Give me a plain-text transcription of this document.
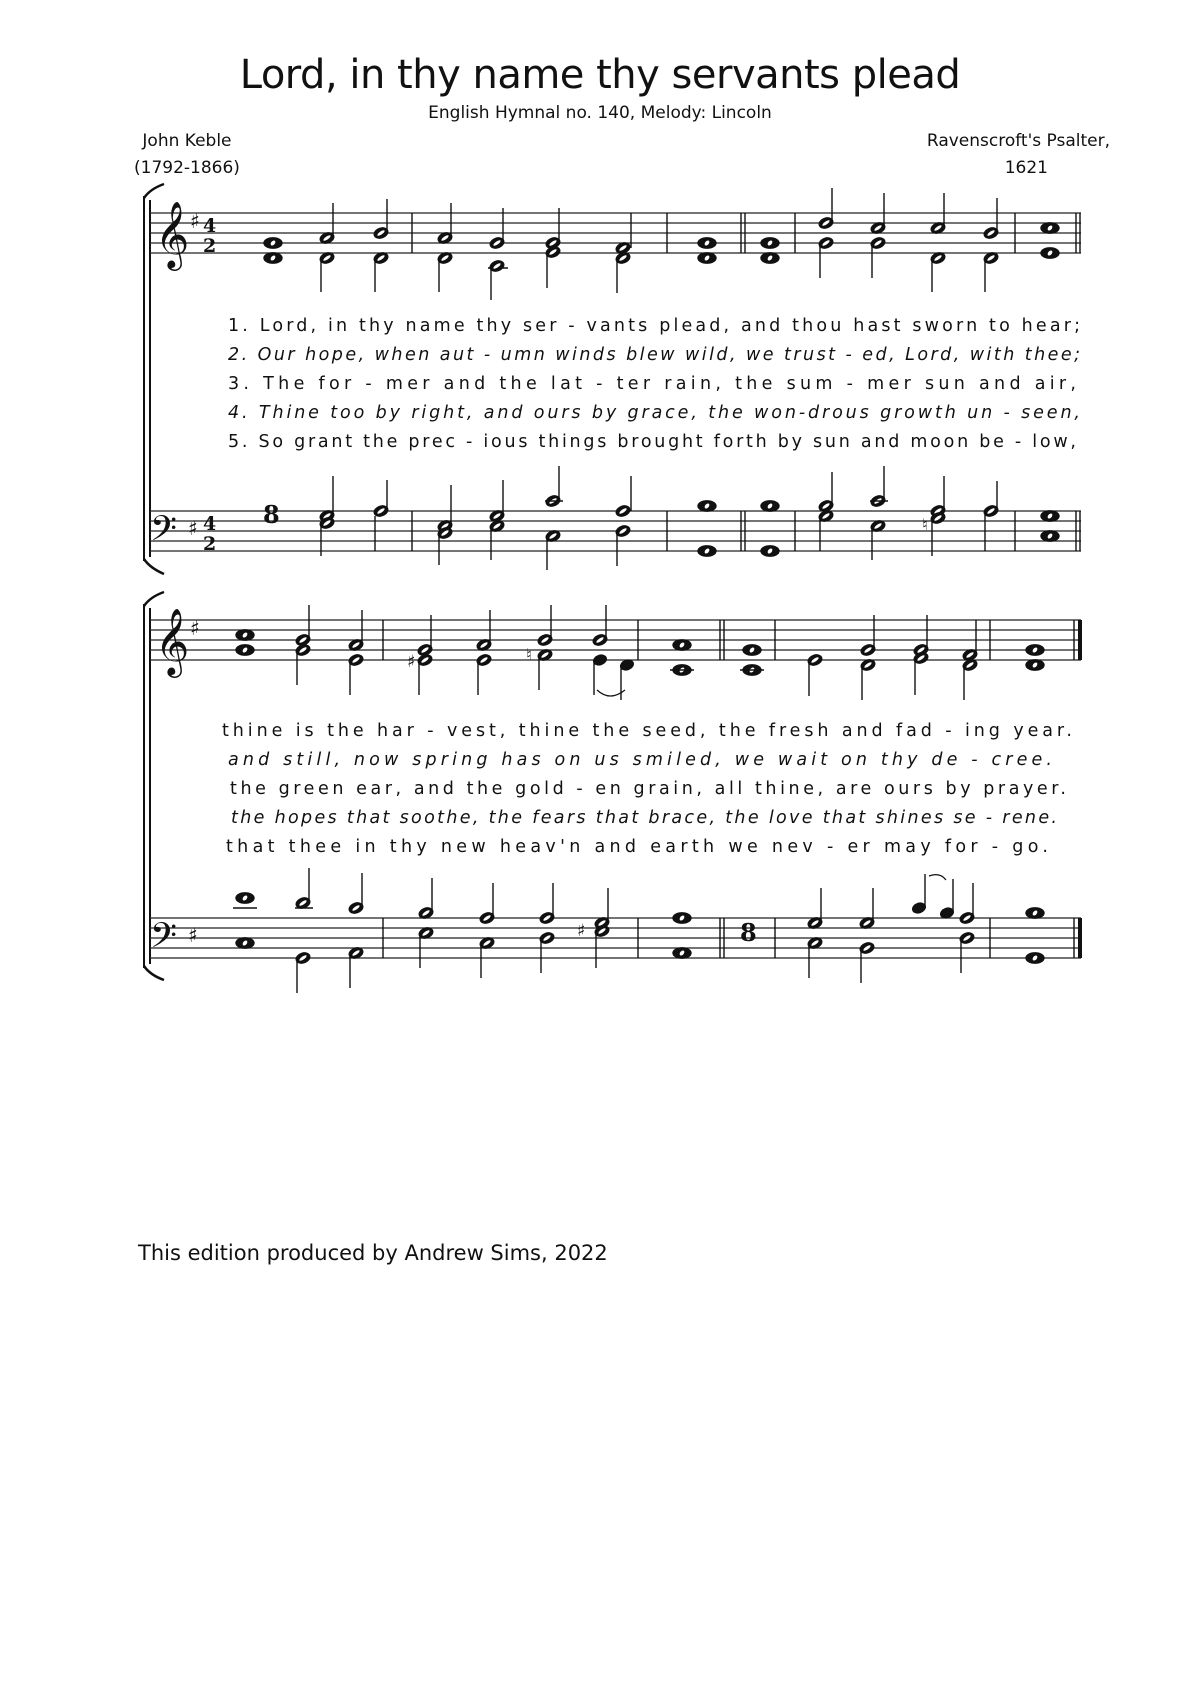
Lord, in thy name thy servants plead
English Hymnal no. 140, Melody: Lincoln
John Keble
(1792-1866)
Ravenscroft's Psalter,
1621
𝄞 ♯ 4
2
𝄢 ♯ 4
2
8	♮
1. Lord, in thy name thy ser - vants plead, and thou hast sworn to hear;
2. Our hope, when aut - umn winds blew wild, we trust - ed, Lord, with thee;
3. The for - mer and the lat - ter rain, the sum - mer sun and air,
4. Thine too by right, and ours by grace, the won-drous growth un - seen,
5. So grant the prec - ious things brought forth by sun and moon be - low,
𝄞 ♯
𝄢 ♯
♯	♮
♯	8
thine is the har - vest, thine the seed, the fresh and fad - ing year.
and still, now spring has on us smiled, we wait on thy de - cree.
the green ear, and the gold - en grain, all thine, are ours by prayer.
the hopes that soothe, the fears that brace, the love that shines se - rene.
that thee in thy new heav'n and earth we nev - er may for - go.
This edition produced by Andrew Sims, 2022
